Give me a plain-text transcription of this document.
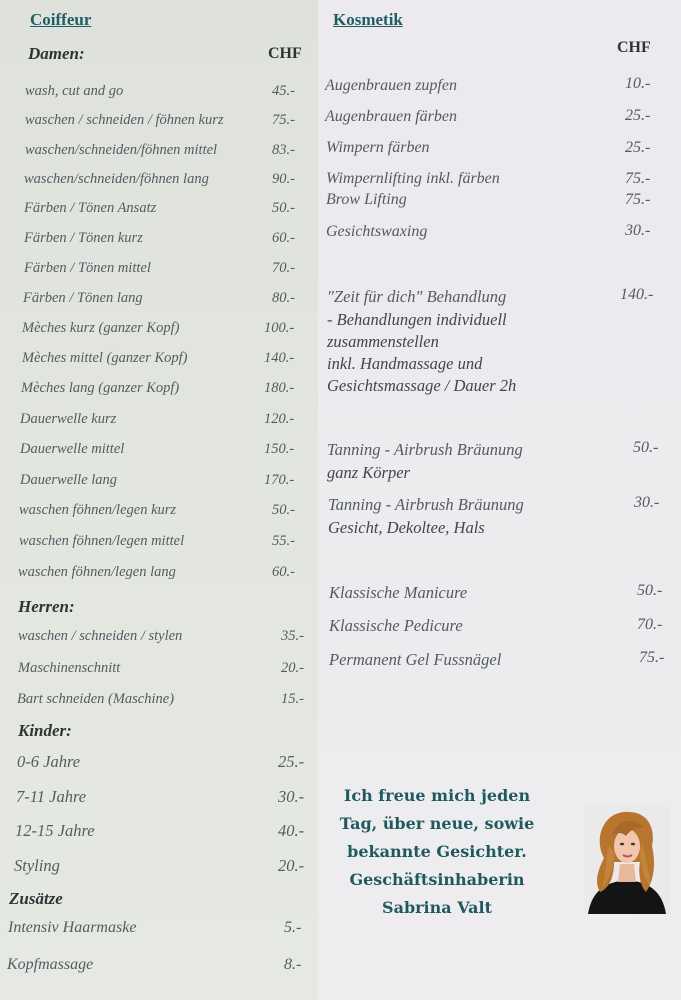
Coiffeur
Damen:	CHF
wash, cut and go	45.-
waschen / schneiden / föhnen kurz	75.-
waschen/schneiden/föhnen mittel	83.-
waschen/schneiden/föhnen lang	90.-
Färben / Tönen Ansatz	50.-
Färben / Tönen kurz	60.-
Färben / Tönen mittel	70.-
Färben / Tönen lang	80.-
Mèches kurz (ganzer Kopf)	100.-
Mèches mittel (ganzer Kopf)	140.-
Mèches lang (ganzer Kopf)	180.-
Dauerwelle kurz	120.-
Dauerwelle mittel	150.-
Dauerwelle lang	170.-
waschen föhnen/legen kurz	50.-
waschen föhnen/legen mittel	55.-
waschen föhnen/legen lang	60.-
Herren:
waschen / schneiden / stylen	35.-
Maschinenschnitt	20.-
Bart schneiden (Maschine)	15.-
Kinder:
0-6 Jahre	25.-
7-11 Jahre	30.-
12-15 Jahre	40.-
Styling	20.-
Zusätze
Intensiv Haarmaske	5.-
Kopfmassage	8.-
Kosmetik
CHF
Augenbrauen zupfen	10.-
Augenbrauen färben	25.-
Wimpern färben	25.-
Wimpernlifting inkl. färben	75.-
Brow Lifting	75.-
Gesichtswaxing	30.-
"Zeit für dich" Behandlung	140.-
- Behandlungen individuell
zusammenstellen
inkl. Handmassage und
Gesichtsmassage / Dauer 2h
Tanning - Airbrush Bräunung	50.-
ganz Körper
Tanning - Airbrush Bräunung	30.-
Gesicht, Dekoltee, Hals
Klassische Manicure	50.-
Klassische Pedicure	70.-
Permanent Gel Fussnägel	75.-
Ich freue mich jeden
Tag, über neue, sowie
bekannte Gesichter.
Geschäftsinhaberin
Sabrina Valt
